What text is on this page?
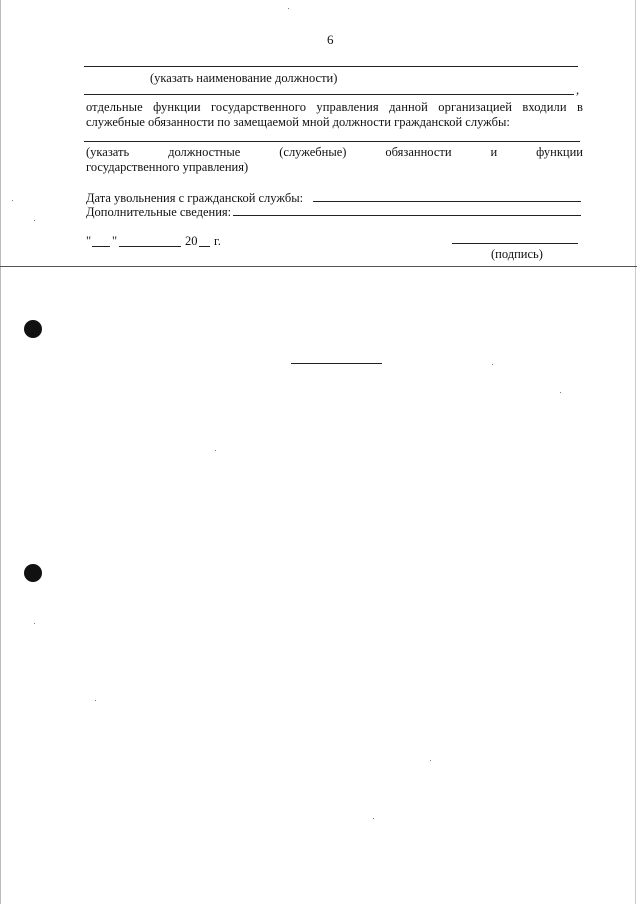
6
(указать наименование должности)
,
отдельные функции государственного управления данной организацией входили в
служебные обязанности по замещаемой мной должности гражданской службы:
(указать	должностные	(служебные)	обязанности	и	функции
государственного управления)
Дата увольнения с гражданской службы:
Дополнительные сведения:
" "	20 г.
(подпись)
